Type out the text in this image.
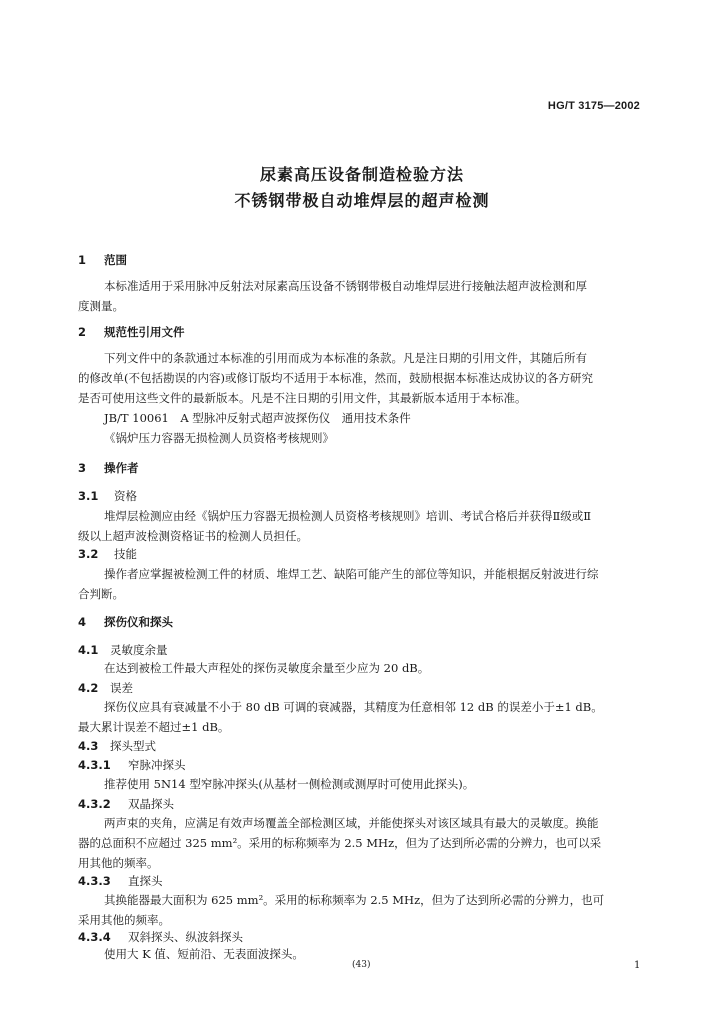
HG/T 3175—2002
尿素高压设备制造检验方法
不锈钢带极自动堆焊层的超声检测
1 范围
本标准适用于采用脉冲反射法对尿素高压设备不锈钢带极自动堆焊层进行接触法超声波检测和厚
度测量。
2 规范性引用文件
下列文件中的条款通过本标准的引用而成为本标准的条款。凡是注日期的引用文件，其随后所有
的修改单(不包括勘误的内容)或修订版均不适用于本标准，然而，鼓励根据本标准达成协议的各方研究
是否可使用这些文件的最新版本。凡是不注日期的引用文件，其最新版本适用于本标准。
JB/T 10061　A 型脉冲反射式超声波探伤仪　通用技术条件
《锅炉压力容器无损检测人员资格考核规则》
3 操作者
3.1 资格
堆焊层检测应由经《锅炉压力容器无损检测人员资格考核规则》培训、考试合格后并获得Ⅱ级或Ⅱ
级以上超声波检测资格证书的检测人员担任。
3.2 技能
操作者应掌握被检测工件的材质、堆焊工艺、缺陷可能产生的部位等知识，并能根据反射波进行综
合判断。
4 探伤仪和探头
4.1 灵敏度余量
在达到被检工件最大声程处的探伤灵敏度余量至少应为 20 dB。
4.2 误差
探伤仪应具有衰减量不小于 80 dB 可调的衰减器，其精度为任意相邻 12 dB 的误差小于±1 dB。
最大累计误差不超过±1 dB。
4.3 探头型式
4.3.1 窄脉冲探头
推荐使用 5N14 型窄脉冲探头(从基材一侧检测或测厚时可使用此探头)。
4.3.2 双晶探头
两声束的夹角，应满足有效声场覆盖全部检测区域，并能使探头对该区域具有最大的灵敏度。换能
器的总面积不应超过 325 mm²。采用的标称频率为 2.5 MHz，但为了达到所必需的分辨力，也可以采
用其他的频率。
4.3.3 直探头
其换能器最大面积为 625 mm²。采用的标称频率为 2.5 MHz，但为了达到所必需的分辨力，也可
采用其他的频率。
4.3.4 双斜探头、纵波斜探头
使用大 K 值、短前沿、无表面波探头。
(43)	1
